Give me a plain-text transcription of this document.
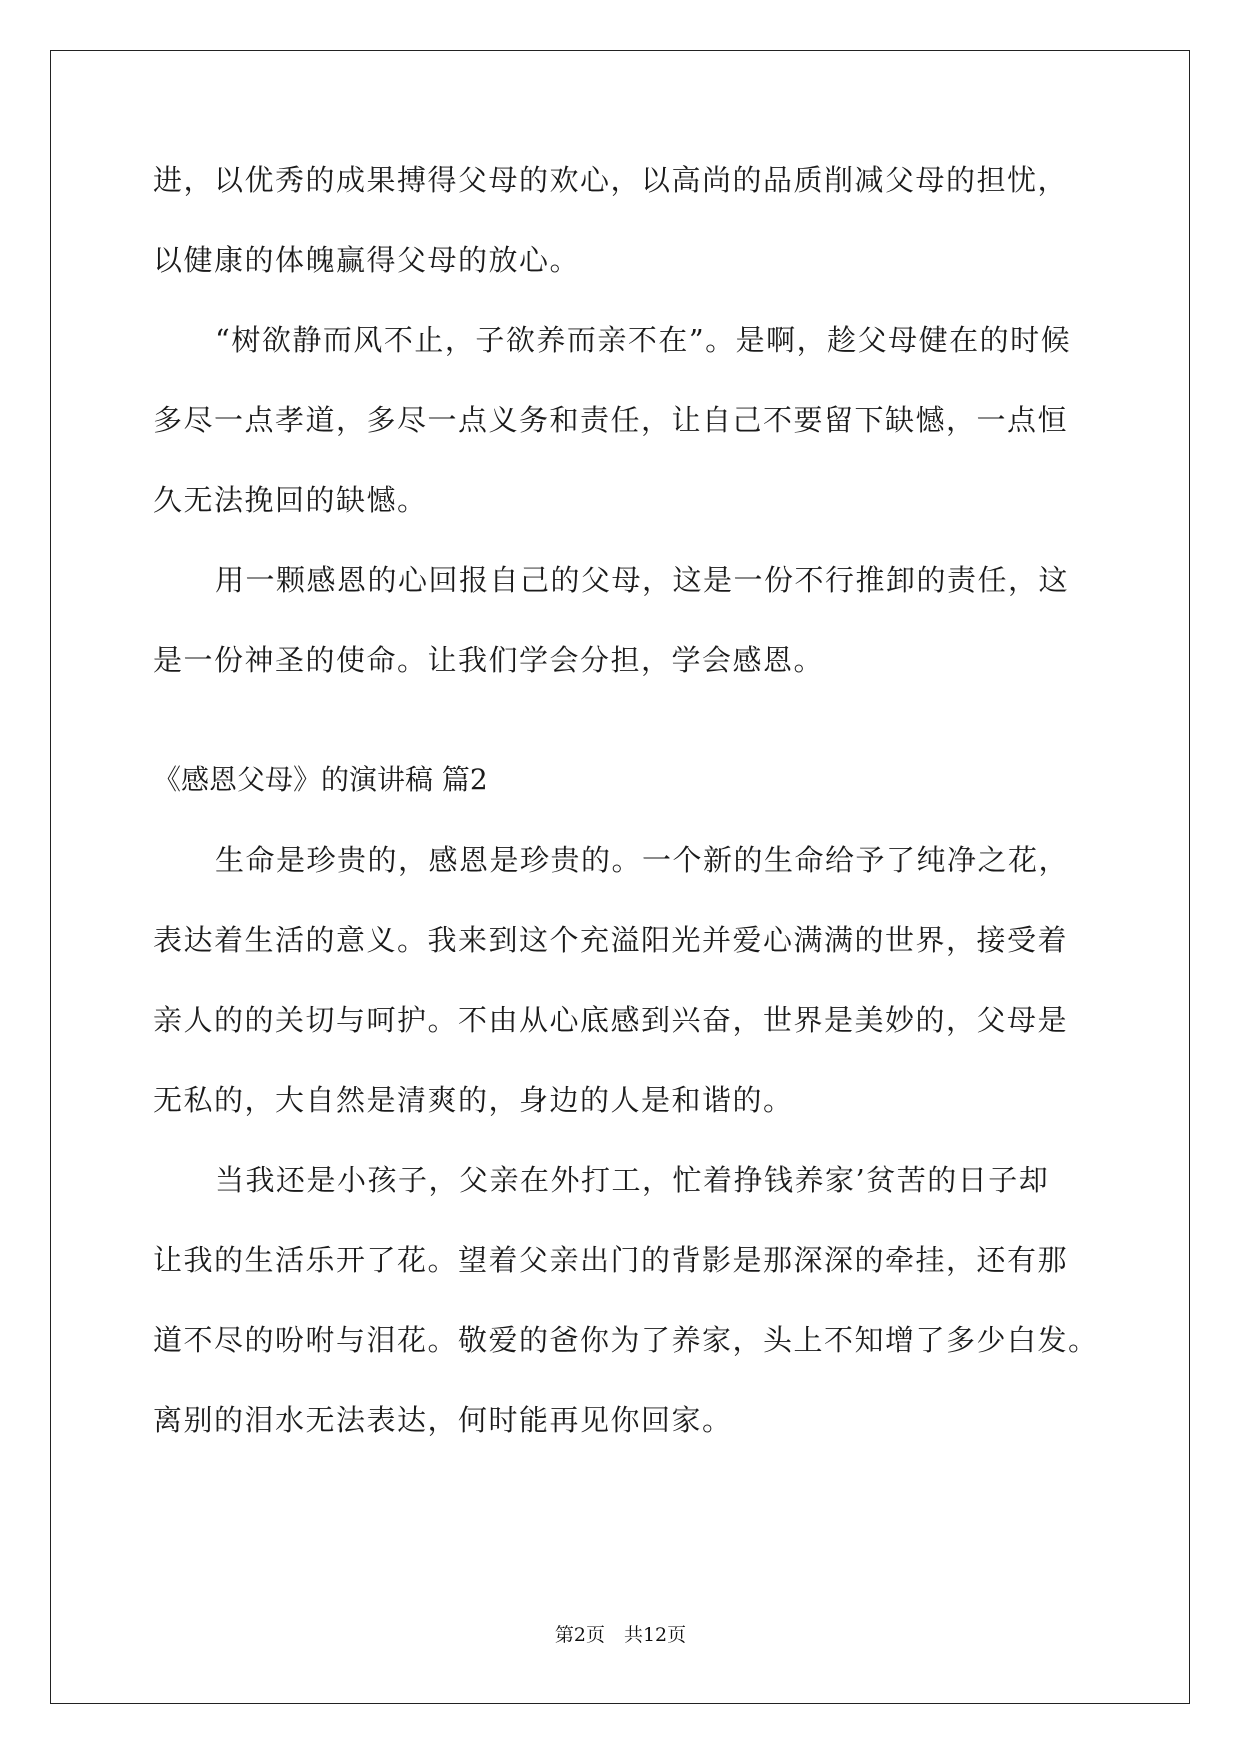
进，以优秀的成果搏得父母的欢心，以高尚的品质削减父母的担忧，
以健康的体魄赢得父母的放心。
“树欲静而风不止，子欲养而亲不在”。是啊，趁父母健在的时候
多尽一点孝道，多尽一点义务和责任，让自己不要留下缺憾，一点恒
久无法挽回的缺憾。
用一颗感恩的心回报自己的父母，这是一份不行推卸的责任，这
是一份神圣的使命。让我们学会分担，学会感恩。
《感恩父母》的演讲稿 篇2
生命是珍贵的，感恩是珍贵的。一个新的生命给予了纯净之花，
表达着生活的意义。我来到这个充溢阳光并爱心满满的世界，接受着
亲人的的关切与呵护。不由从心底感到兴奋，世界是美妙的，父母是
无私的，大自然是清爽的，身边的人是和谐的。
当我还是小孩子，父亲在外打工，忙着挣钱养家’贫苦的日子却
让我的生活乐开了花。望着父亲出门的背影是那深深的牵挂，还有那
道不尽的吩咐与泪花。敬爱的爸你为了养家，头上不知增了多少白发。
离别的泪水无法表达，何时能再见你回家。
第2页　共12页
